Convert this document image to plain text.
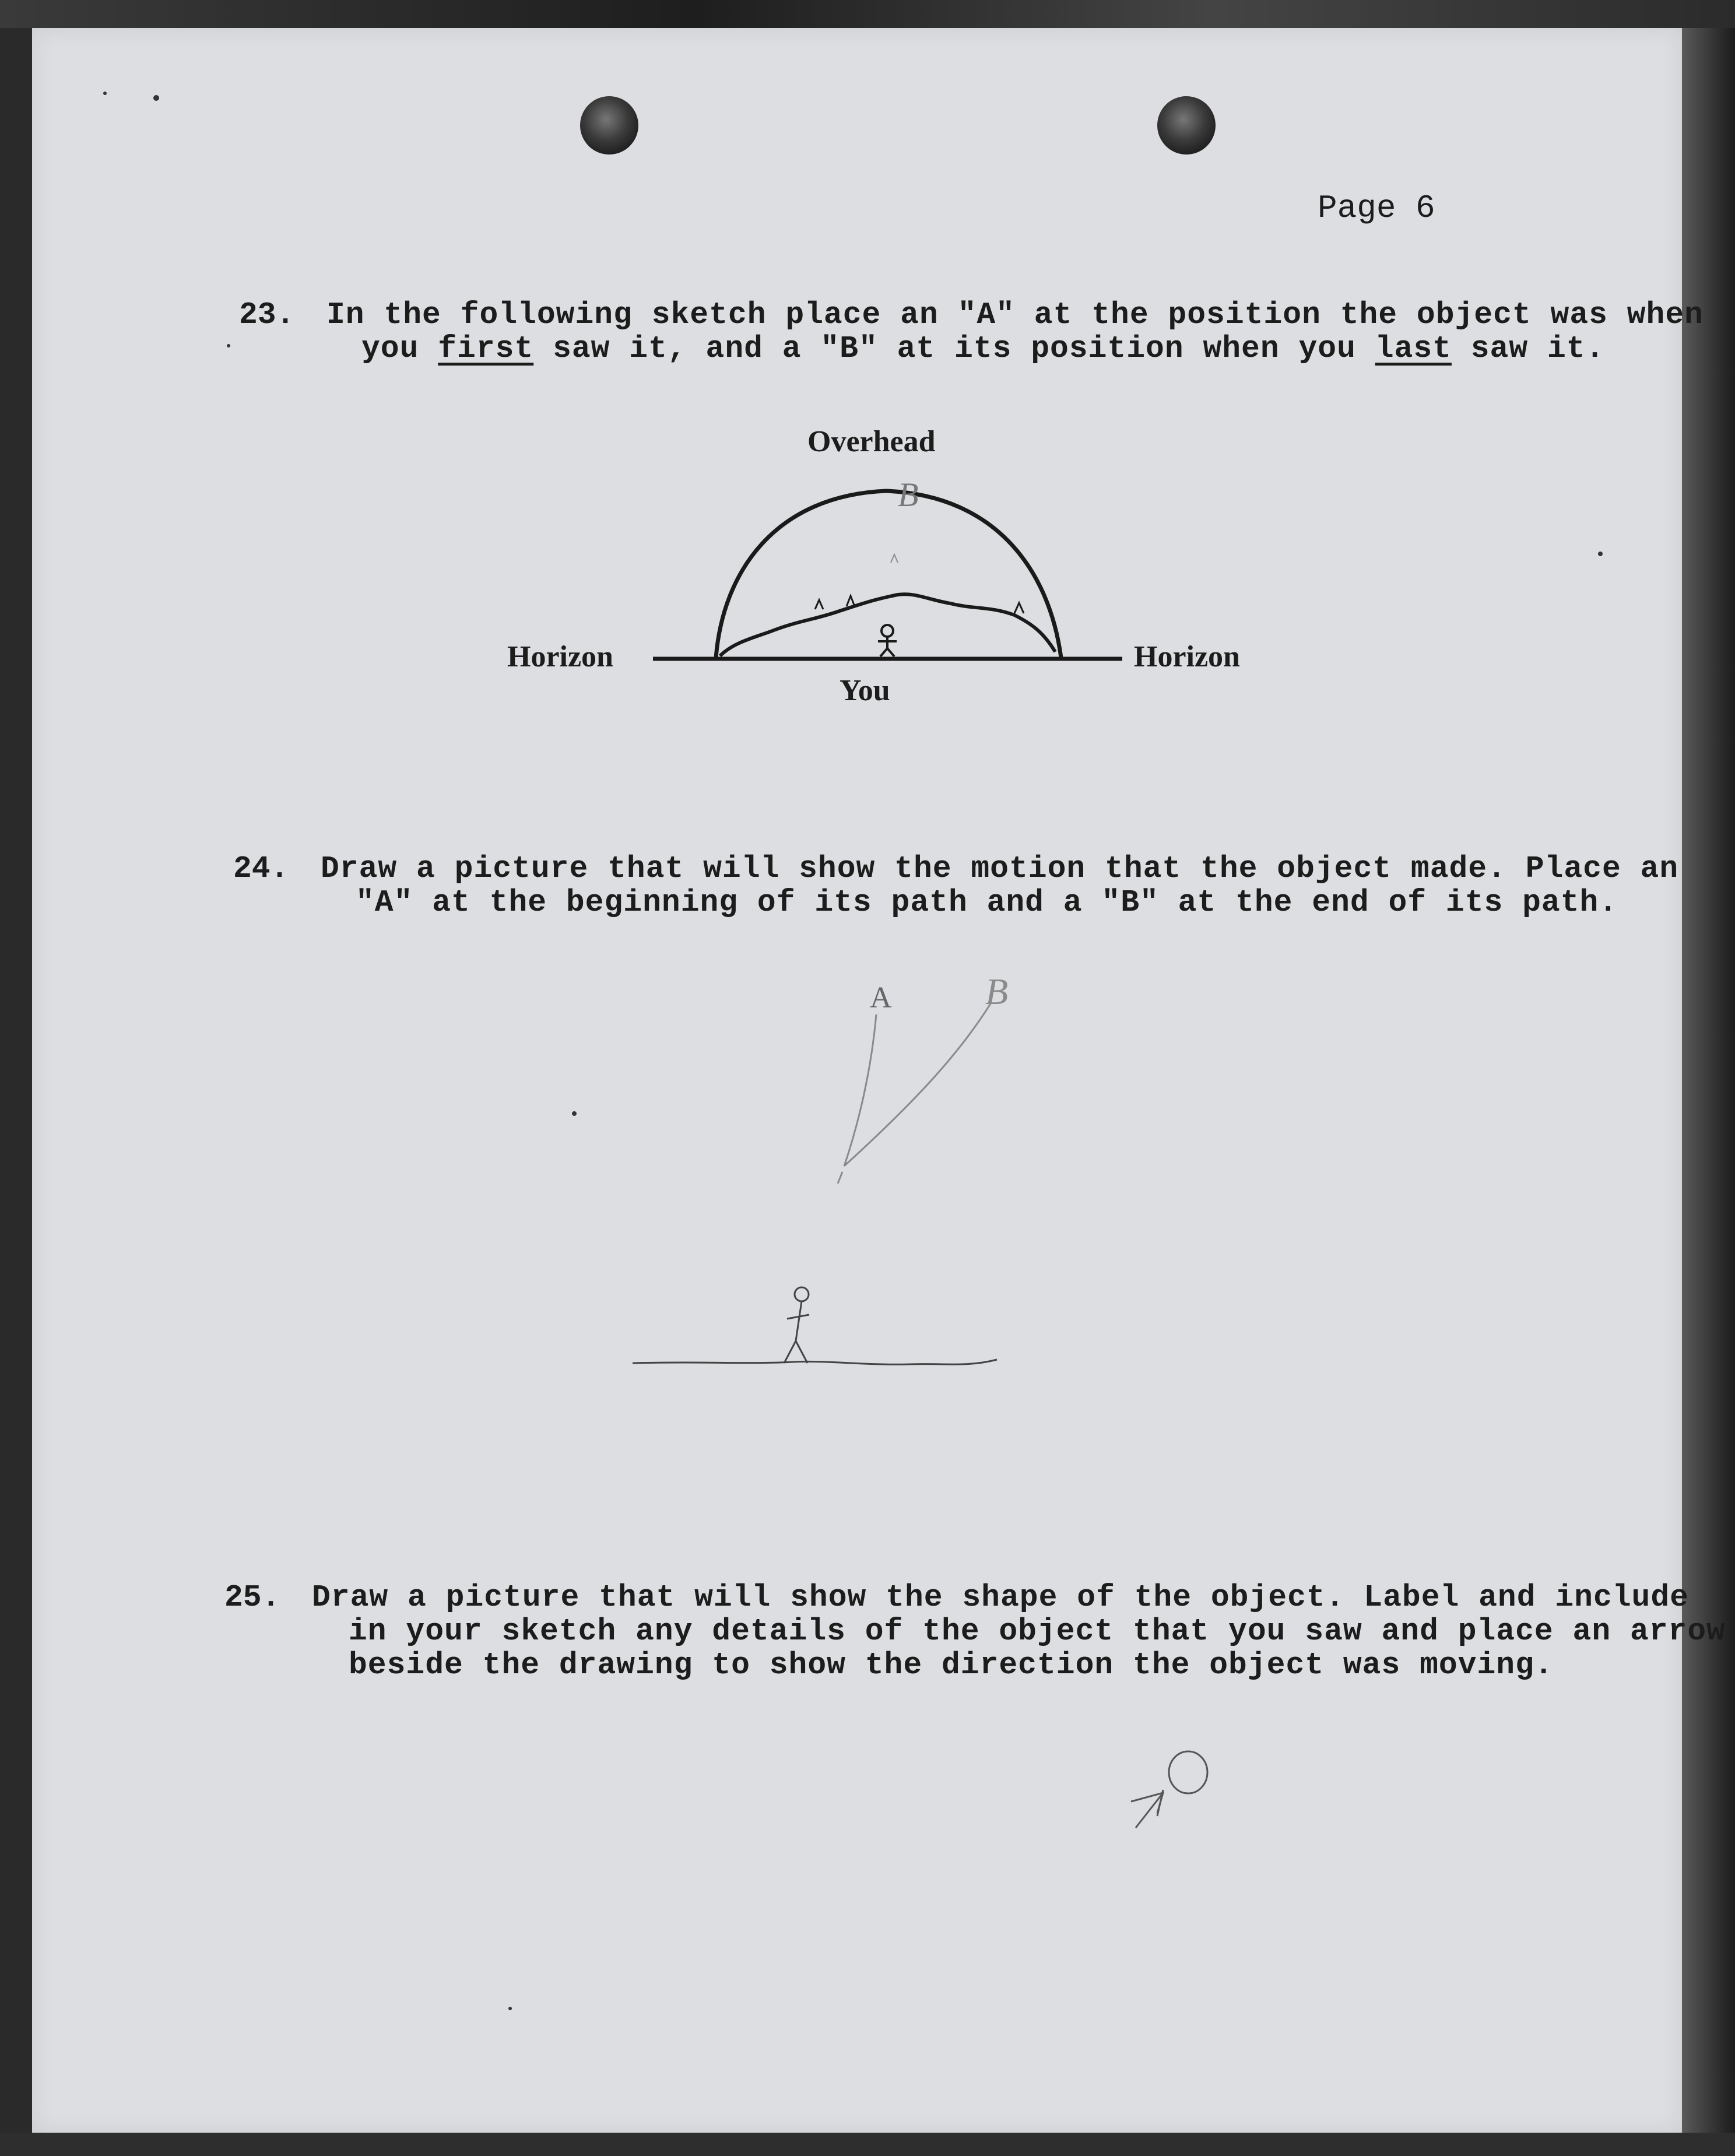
Page 6
23. In the following sketch place an "A" at the position the object was when
you first saw it, and a "B" at its position when you last saw it.
Overhead
Horizon	Horizon
You
B
A	B
24. Draw a picture that will show the motion that the object made. Place an
"A" at the beginning of its path and a "B" at the end of its path.
25. Draw a picture that will show the shape of the object. Label and include
in your sketch any details of the object that you saw and place an arrow
beside the drawing to show the direction the object was moving.
